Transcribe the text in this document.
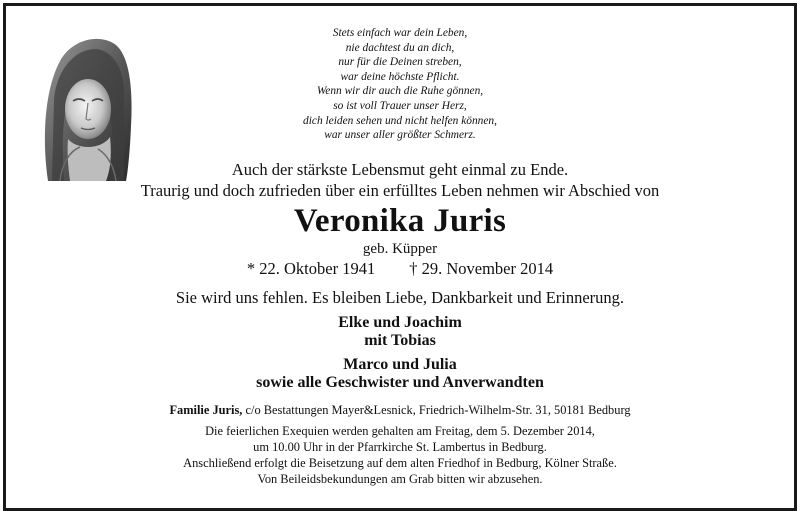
Stets einfach war dein Leben,
nie dachtest du an dich,
nur für die Deinen streben,
war deine höchste Pflicht.
Wenn wir dir auch die Ruhe gönnen,
so ist voll Trauer unser Herz,
dich leiden sehen und nicht helfen können,
war unser aller größter Schmerz.
Auch der stärkste Lebensmut geht einmal zu Ende.
Traurig und doch zufrieden über ein erfülltes Leben nehmen wir Abschied von
Veronika Juris
geb. Küpper
* 22. Oktober 1941 † 29. November 2014
Sie wird uns fehlen. Es bleiben Liebe, Dankbarkeit und Erinnerung.
Elke und Joachim
mit Tobias
Marco und Julia
sowie alle Geschwister und Anverwandten
Familie Juris, c/o Bestattungen Mayer&Lesnick, Friedrich-Wilhelm-Str. 31, 50181 Bedburg
Die feierlichen Exequien werden gehalten am Freitag, dem 5. Dezember 2014,
um 10.00 Uhr in der Pfarrkirche St. Lambertus in Bedburg.
Anschließend erfolgt die Beisetzung auf dem alten Friedhof in Bedburg, Kölner Straße.
Von Beileidsbekundungen am Grab bitten wir abzusehen.
